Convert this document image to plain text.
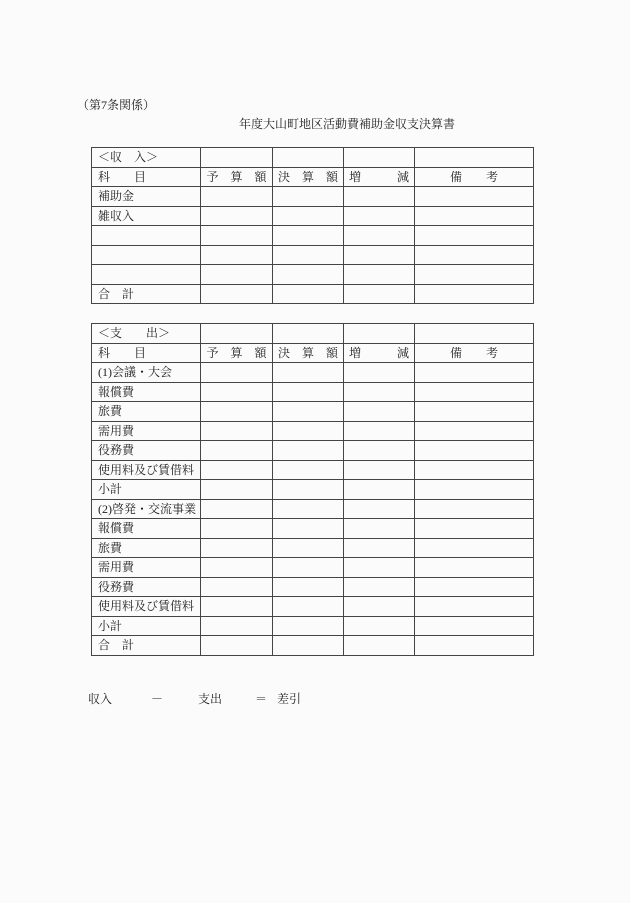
（第7条関係）
年度大山町地区活動費補助金収支決算書
＜収　入＞				
科　　目	予　算　額	決　算　額	増　　　減	備　　考
補助金				
雑収入				

合　計				
＜支　　出＞				
科　　目	予　算　額	決　算　額	増　　　減	備　　考
(1)会議・大会				
報償費				
旅費				
需用費				
役務費				
使用料及び賃借料				
小計				
(2)啓発・交流事業				
報償費				
旅費				
需用費				
役務費				
使用料及び賃借料				
小計				
合　計				
収入	－	支出	＝ 差引
